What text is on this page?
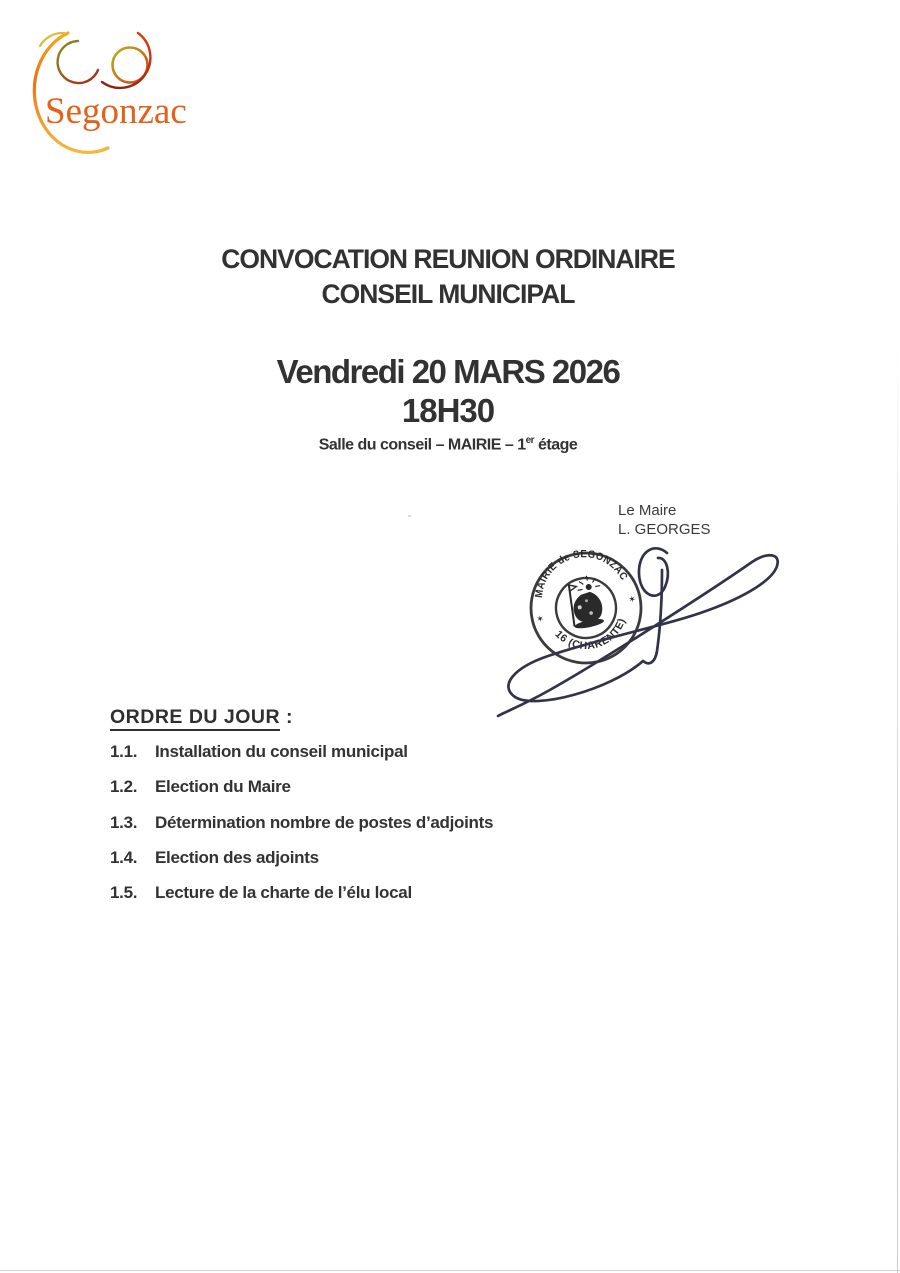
Segonzac
CONVOCATION REUNION ORDINAIRE
CONSEIL MUNICIPAL
Vendredi 20 MARS 2026
18H30
Salle du conseil – MAIRIE – 1er étage
Le Maire
L. GEORGES
MAIRIE de SEGONZAC
16 (CHARENTE)
✶
✶
ORDRE DU JOUR :
1.1.	Installation du conseil municipal
1.2.	Election du Maire
1.3.	Détermination nombre de postes d’adjoints
1.4.	Election des adjoints
1.5.	Lecture de la charte de l’élu local
